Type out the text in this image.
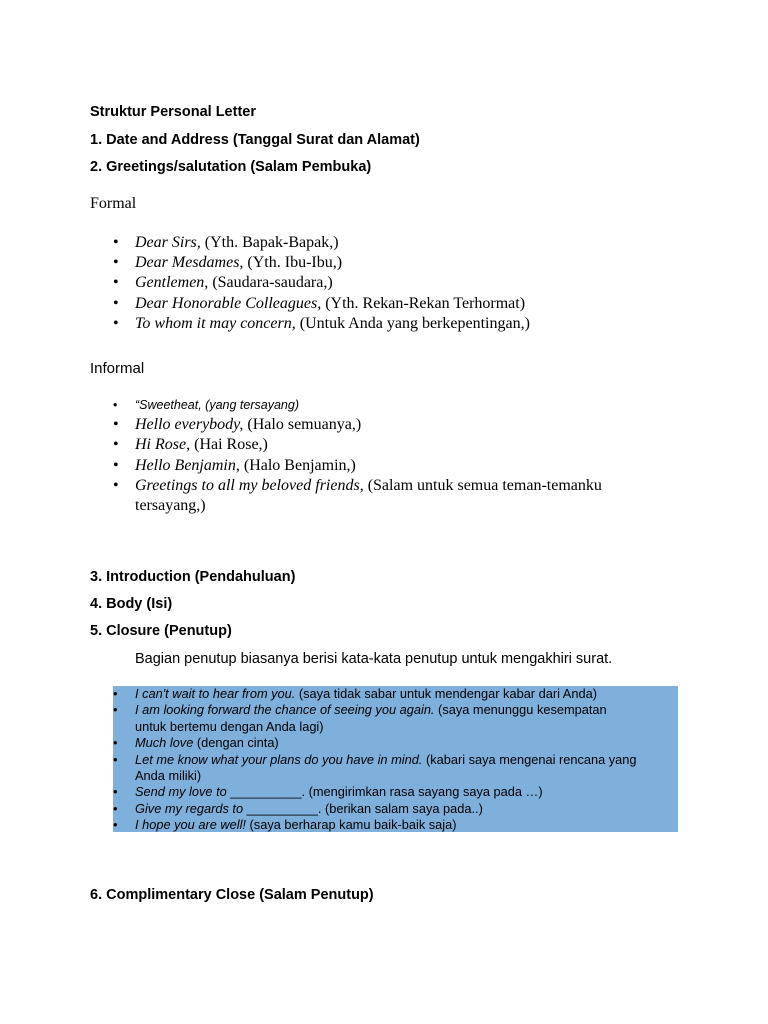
Struktur Personal Letter
1. Date and Address (Tanggal Surat dan Alamat)
2. Greetings/salutation (Salam Pembuka)
Formal
• Dear Sirs, (Yth. Bapak-Bapak,)
• Dear Mesdames, (Yth. Ibu-Ibu,)
• Gentlemen, (Saudara-saudara,)
• Dear Honorable Colleagues, (Yth. Rekan-Rekan Terhormat)
• To whom it may concern, (Untuk Anda yang berkepentingan,)
Informal
• “Sweetheat, (yang tersayang)
• Hello everybody, (Halo semuanya,)
• Hi Rose, (Hai Rose,)
• Hello Benjamin, (Halo Benjamin,)
• Greetings to all my beloved friends, (Salam untuk semua teman-temanku
tersayang,)
3. Introduction (Pendahuluan)
4. Body (Isi)
5. Closure (Penutup)
Bagian penutup biasanya berisi kata-kata penutup untuk mengakhiri surat.
• I can't wait to hear from you. (saya tidak sabar untuk mendengar kabar dari Anda)
• I am looking forward the chance of seeing you again. (saya menunggu kesempatan
untuk bertemu dengan Anda lagi)
• Much love (dengan cinta)
• Let me know what your plans do you have in mind. (kabari saya mengenai rencana yang
Anda miliki)
• Send my love to __________. (mengirimkan rasa sayang saya pada …)
• Give my regards to __________. (berikan salam saya pada..)
• I hope you are well! (saya berharap kamu baik-baik saja)
6. Complimentary Close (Salam Penutup)
